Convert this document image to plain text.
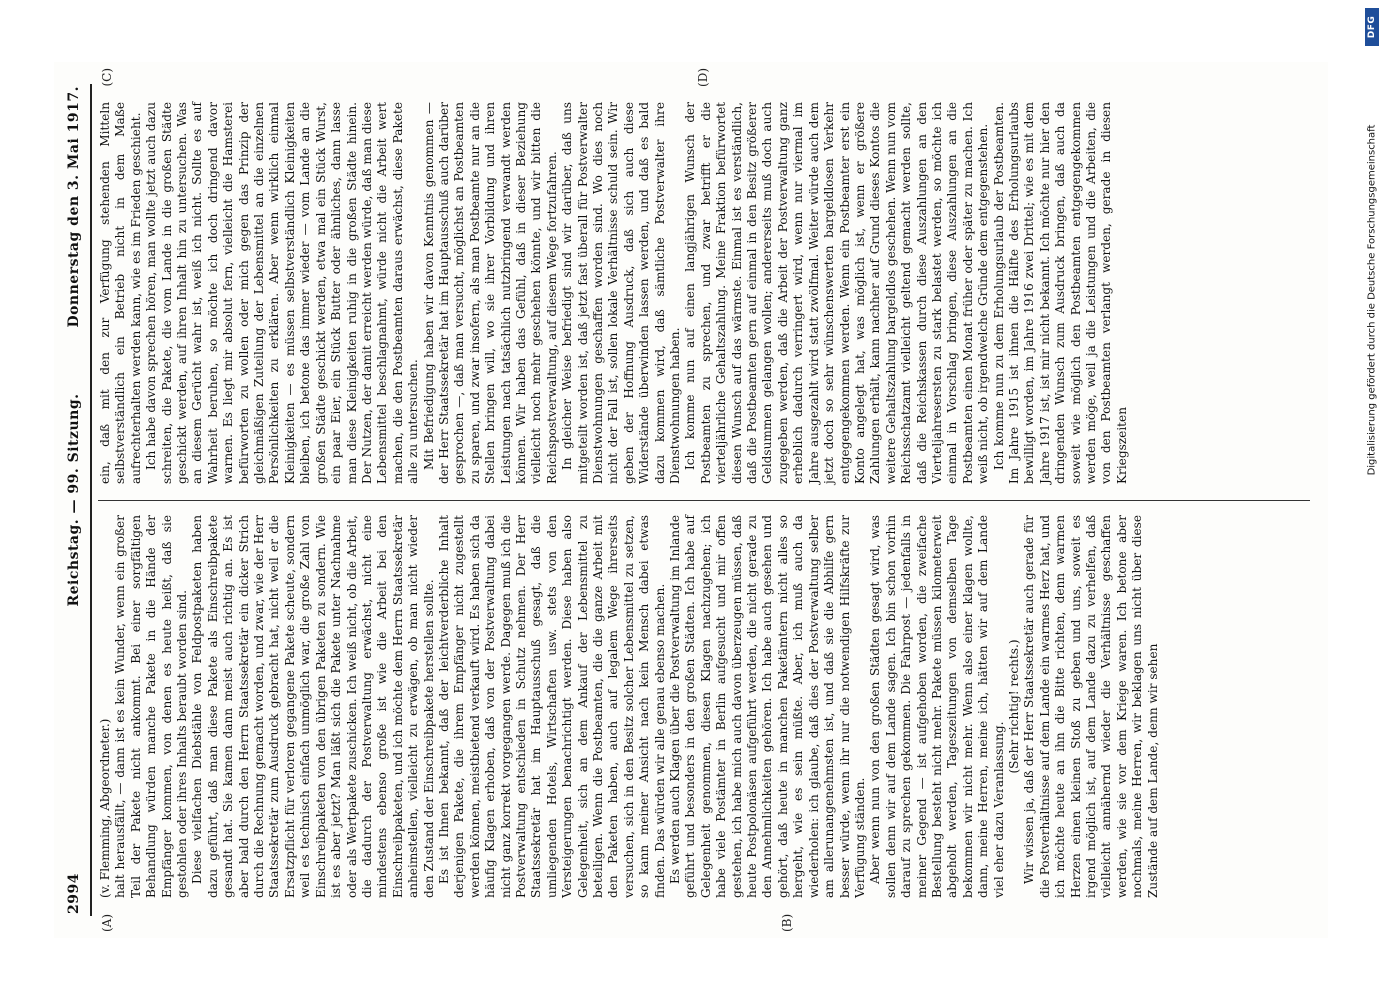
2994
Reichstag. — 99. Sitzung.
Donnerstag den 3. Mai 1917.
(A)	(B)

(v. Flemming, Abgeordneter.) halt herausfällt, — dann ist es kein Wunder, wenn ein großer Teil der Pakete nicht ankommt. Bei einer sorgfältigen Behandlung würden manche Pakete in die Hände der Empfänger kommen, von denen es heute heißt, daß sie gestohlen oder ihres Inhalts beraubt worden sind. Diese vielfachen Diebstähle von Feldpostpaketen haben dazu geführt, daß man diese Pakete als Einschreibpakete gesandt hat. Sie kamen dann meist auch richtig an. Es ist aber bald durch den Herrn Staatssekretär ein dicker Strich durch die Rechnung gemacht worden, und zwar, wie der Herr Staatssekretär zum Ausdruck gebracht hat, nicht weil er die Ersatzpflicht für verloren gegangene Pakete scheute, sondern weil es technisch einfach unmöglich war, die große Zahl von Einschreibpaketen von den übrigen Paketen zu sondern. Wie ist es aber jetzt? Man läßt sich die Pakete unter Nachnahme oder als Wertpakete zuschicken. Ich weiß nicht, ob die Arbeit, die dadurch der Postverwaltung erwächst, nicht eine mindestens ebenso große ist wie die Arbeit bei den Einschreibpaketen, und ich möchte dem Herrn Staatssekretär anheimstellen, vielleicht zu erwägen, ob man nicht wieder den Zustand der Einschreibpakete herstellen sollte. Es ist Ihnen bekannt, daß der leichtverderbliche Inhalt derjenigen Pakete, die ihrem Empfänger nicht zugestellt werden können, meistbietend verkauft wird. Es haben sich da häufig Klagen erhoben, daß von der Postverwaltung dabei nicht ganz korrekt vorgegangen werde. Dagegen muß ich die Postverwaltung entschieden in Schutz nehmen. Der Herr Staatssekretär hat im Hauptausschuß gesagt, daß die umliegenden Hotels, Wirtschaften usw. stets von den Versteigerungen benachrichtigt werden. Diese haben also Gelegenheit, sich an dem Ankauf der Lebensmittel zu beteiligen. Wenn die Postbeamten, die die ganze Arbeit mit den Paketen haben, auch auf legalem Wege ihrerseits versuchen, sich in den Besitz solcher Lebensmittel zu setzen, so kann meiner Ansicht nach kein Mensch dabei etwas finden. Das würden wir alle genau ebenso machen. Es werden auch Klagen über die Postverwaltung im Inlande geführt und besonders in den großen Städten. Ich habe auf Gelegenheit genommen, diesen Klagen nachzugehen; ich habe viele Postämter in Berlin aufgesucht und mir offen gestehen, ich habe mich auch davon überzeugen müssen, daß heute Postpolonäsen aufgeführt werden, die nicht gerade zu den Annehmlichkeiten gehören. Ich habe auch gesehen und gehört, daß heute in manchen Paketämtern nicht alles so hergeht, wie es sein müßte. Aber, ich muß auch da wiederholen: ich glaube, daß dies der Postverwaltung selber am allerunangenehmsten ist, und daß sie die Abhilfe gern besser würde, wenn ihr nur die notwendigen Hilfskräfte zur Verfügung ständen. Aber wenn nun von den großen Städten gesagt wird, was sollen denn wir auf dem Lande sagen. Ich bin schon vorhin darauf zu sprechen gekommen. Die Fahrpost — jedenfalls in meiner Gegend — ist aufgehoben worden, die zweifache Bestellung besteht nicht mehr. Pakete müssen kilometerweit abgeholt werden, Tageszeitungen von demselben Tage bekommen wir nicht mehr. Wenn also einer klagen wollte, dann, meine Herren, meine ich, hätten wir auf dem Lande viel eher dazu Veranlassung.

(Sehr richtig! rechts.) Wir wissen ja, daß der Herr Staatssekretär auch gerade für die Postverhältnisse auf dem Lande ein warmes Herz hat, und ich möchte heute an ihn die Bitte richten, denn warmen Herzen einen kleinen Stoß zu geben und uns, soweit es irgend möglich ist, auf dem Lande dazu zu verhelfen, daß vielleicht annähernd wieder die Verhältnisse geschaffen werden, wie sie vor dem Kriege waren. Ich betone aber nochmals, meine Herren, wir beklagen uns nicht über diese Zustände auf dem Lande, denn wir sehen

(C)	(D)

ein, daß mit den zur Verfügung stehenden Mitteln selbstverständlich ein Betrieb nicht in dem Maße aufrechterhalten werden kann, wie es im Frieden geschieht. Ich habe davon sprechen hören, man wollte jetzt auch dazu schreiten, die Pakete, die vom Lande in die großen Städte geschickt werden, auf ihren Inhalt hin zu untersuchen. Was an diesem Gerücht wahr ist, weiß ich nicht. Sollte es auf Wahrheit beruhen, so möchte ich doch dringend davor warnen. Es liegt mir absolut fern, vielleicht die Hamsterei befürworten zu wollen oder mich gegen das Prinzip der gleichmäßigen Zuteilung der Lebensmittel an die einzelnen Persönlichkeiten zu erklären. Aber wenn wirklich einmal Kleinigkeiten — es müssen selbstverständlich Kleinigkeiten bleiben, ich betone das immer wieder — vom Lande an die großen Städte geschickt werden, etwa mal ein Stück Wurst, ein paar Eier, ein Stück Butter oder ähnliches, dann lasse man diese Kleinigkeiten ruhig in die großen Städte hinein. Der Nutzen, der damit erreicht werden würde, daß man diese Lebensmittel beschlagnahmt, würde nicht die Arbeit wert machen, die den Postbeamten daraus erwächst, diese Pakete alle zu untersuchen. Mit Befriedigung haben wir davon Kenntnis genommen — der Herr Staatssekretär hat im Hauptausschuß auch darüber gesprochen —, daß man versucht, möglichst an Postbeamten zu sparen, und zwar insofern, als man Postbeamte nur an die Stellen bringen will, wo sie ihrer Vorbildung und ihren Leistungen nach tatsächlich nutzbringend verwandt werden können. Wir haben das Gefühl, daß in dieser Beziehung vielleicht noch mehr geschehen könnte, und wir bitten die Reichspostverwaltung, auf diesem Wege fortzufahren. In gleicher Weise befriedigt sind wir darüber, daß uns mitgeteilt worden ist, daß jetzt fast überall für Postverwalter Dienstwohnungen geschaffen worden sind. Wo dies noch nicht der Fall ist, sollen lokale Verhältnisse schuld sein. Wir geben der Hoffnung Ausdruck, daß sich auch diese Widerstände überwinden lassen werden, und daß es bald dazu kommen wird, daß sämtliche Postverwalter ihre Dienstwohnungen haben. Ich komme nun auf einen langjährigen Wunsch der Postbeamten zu sprechen, und zwar betrifft er die vierteljährliche Gehaltszahlung. Meine Fraktion befürwortet diesen Wunsch auf das wärmste. Einmal ist es verständlich, daß die Postbeamten gern auf einmal in den Besitz größerer Geldsummen gelangen wollen; andererseits muß doch auch zugegeben werden, daß die Arbeit der Postverwaltung ganz erheblich dadurch verringert wird, wenn nur viermal im Jahre ausgezahlt wird statt zwölfmal. Weiter würde auch dem jetzt doch so sehr wünschenswerten bargeldlosen Verkehr entgegengekommen werden. Wenn ein Postbeamter erst ein Konto angelegt hat, was möglich ist, wenn er größere Zahlungen erhält, kann nachher auf Grund dieses Kontos die weitere Gehaltszahlung bargeldlos geschehen. Wenn nun vom Reichsschatzamt vielleicht geltend gemacht werden sollte, daß die Reichskassen durch diese Auszahlungen an den Vierteljahresersten zu stark belastet werden, so möchte ich einmal in Vorschlag bringen, diese Auszahlungen an die Postbeamten einen Monat früher oder später zu machen. Ich weiß nicht, ob irgendwelche Gründe dem entgegenstehen. Ich komme nun zu dem Erholungsurlaub der Postbeamten. Im Jahre 1915 ist ihnen die Hälfte des Erholungsurlaubs bewilligt worden, im Jahre 1916 zwei Drittel; wie es mit dem Jahre 1917 ist, ist mir nicht bekannt. Ich möchte nur hier den dringenden Wunsch zum Ausdruck bringen, daß auch da soweit wie möglich den Postbeamten entgegengekommen werden möge, weil ja die Leistungen und die Arbeiten, die von den Postbeamten verlangt werden, gerade in diesen Kriegszeiten

DFG
Digitalisierung gefördert durch die Deutsche Forschungsgemeinschaft
